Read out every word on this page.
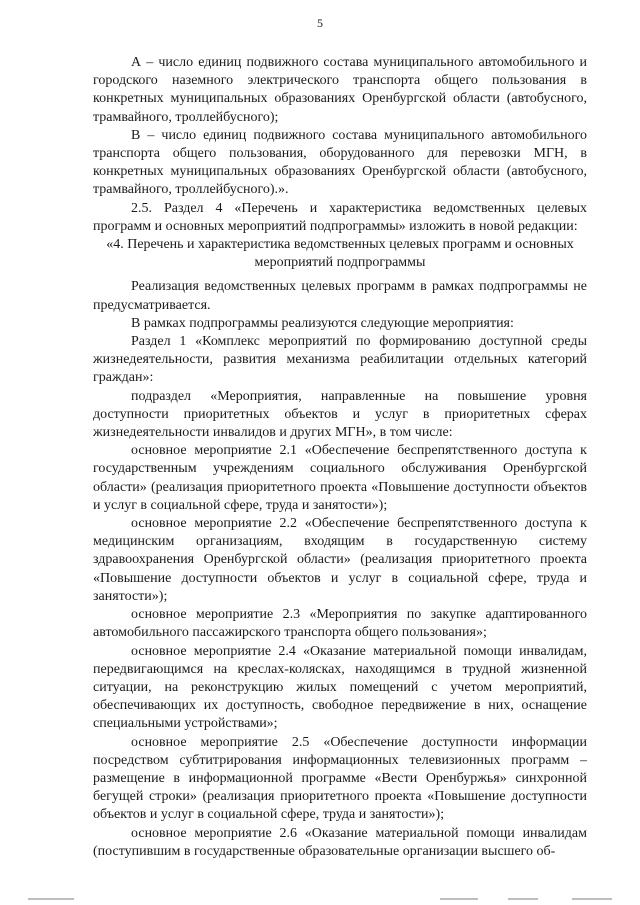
5

А – число единиц подвижного состава муниципального автомобильного и городского наземного электрического транспорта общего пользования в конкретных муниципальных образованиях Оренбургской области (автобусного, трамвайного, троллейбусного);

В – число единиц подвижного состава муниципального автомобильного транспорта общего пользования, оборудованного для перевозки МГН, в конкретных муниципальных образованиях Оренбургской области (автобусного, трамвайного, троллейбусного).».

2.5. Раздел 4 «Перечень и характеристика ведомственных целевых программ и основных мероприятий подпрограммы» изложить в новой редакции:

«4. Перечень и характеристика ведомственных целевых программ и основных мероприятий подпрограммы

Реализация ведомственных целевых программ в рамках подпрограммы не предусматривается.

В рамках подпрограммы реализуются следующие мероприятия:

Раздел 1 «Комплекс мероприятий по формированию доступной среды жизнедеятельности, развития механизма реабилитации отдельных категорий граждан»:

подраздел «Мероприятия, направленные на повышение уровня доступности приоритетных объектов и услуг в приоритетных сферах жизнедеятельности инвалидов и других МГН», в том числе:

основное мероприятие 2.1 «Обеспечение беспрепятственного доступа к государственным учреждениям социального обслуживания Оренбургской области» (реализация приоритетного проекта «Повышение доступности объектов и услуг в социальной сфере, труда и занятости»);

основное мероприятие 2.2 «Обеспечение беспрепятственного доступа к медицинским организациям, входящим в государственную систему здравоохранения Оренбургской области» (реализация приоритетного проекта «Повышение доступности объектов и услуг в социальной сфере, труда и занятости»);

основное мероприятие 2.3 «Мероприятия по закупке адаптированного автомобильного пассажирского транспорта общего пользования»;

основное мероприятие 2.4 «Оказание материальной помощи инвалидам, передвигающимся на креслах-колясках, находящимся в трудной жизненной ситуации, на реконструкцию жилых помещений с учетом мероприятий, обеспечивающих их доступность, свободное передвижение в них, оснащение специальными устройствами»;

основное мероприятие 2.5 «Обеспечение доступности информации посредством субтитрирования информационных телевизионных программ – размещение в информационной программе «Вести Оренбуржья» синхронной бегущей строки» (реализация приоритетного проекта «Повышение доступности объектов и услуг в социальной сфере, труда и занятости»);

основное мероприятие 2.6 «Оказание материальной помощи инвалидам (поступившим в государственные образовательные организации высшего об-
